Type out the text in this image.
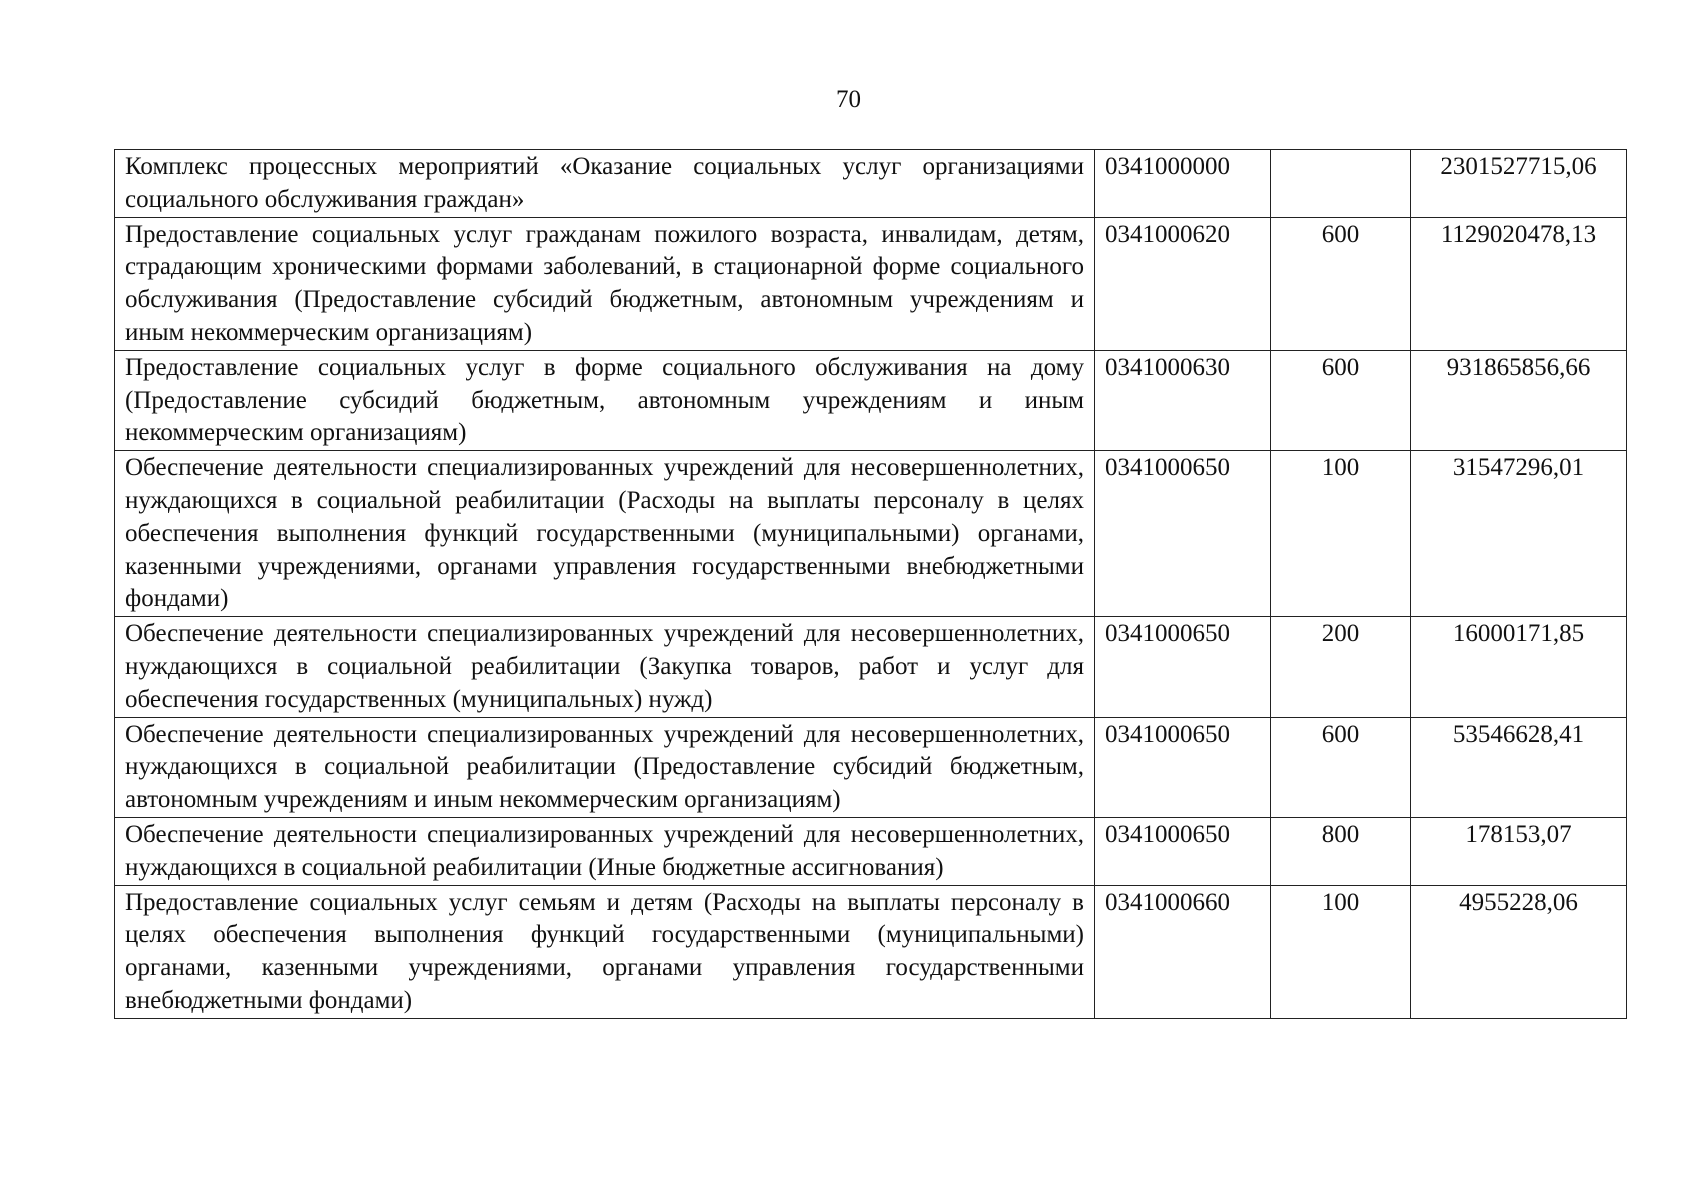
70
Комплекс процессных мероприятий «Оказание социальных услуг организациями социального обслуживания граждан»	0341000000		2301527715,06
Предоставление социальных услуг гражданам пожилого возраста, инвалидам, детям, страдающим хроническими формами заболеваний, в стационарной форме социального обслуживания (Предоставление субсидий бюджетным, автономным учреждениям и иным некоммерческим организациям)	0341000620	600	1129020478,13
Предоставление социальных услуг в форме социального обслуживания на дому (Предоставление субсидий бюджетным, автономным учреждениям и иным некоммерческим организациям)	0341000630	600	931865856,66
Обеспечение деятельности специализированных учреждений для несовершеннолетних, нуждающихся в социальной реабилитации (Расходы на выплаты персоналу в целях обеспечения выполнения функций государственными (муниципальными) органами, казенными учреждениями, органами управления государственными внебюджетными фондами)	0341000650	100	31547296,01
Обеспечение деятельности специализированных учреждений для несовершеннолетних, нуждающихся в социальной реабилитации (Закупка товаров, работ и услуг для обеспечения государственных (муниципальных) нужд)	0341000650	200	16000171,85
Обеспечение деятельности специализированных учреждений для несовершеннолетних, нуждающихся в социальной реабилитации (Предоставление субсидий бюджетным, автономным учреждениям и иным некоммерческим организациям)	0341000650	600	53546628,41
Обеспечение деятельности специализированных учреждений для несовершеннолетних, нуждающихся в социальной реабилитации (Иные бюджетные ассигнования)	0341000650	800	178153,07
Предоставление социальных услуг семьям и детям (Расходы на выплаты персоналу в целях обеспечения выполнения функций государственными (муниципальными) органами, казенными учреждениями, органами управления государственными внебюджетными фондами)	0341000660	100	4955228,06
